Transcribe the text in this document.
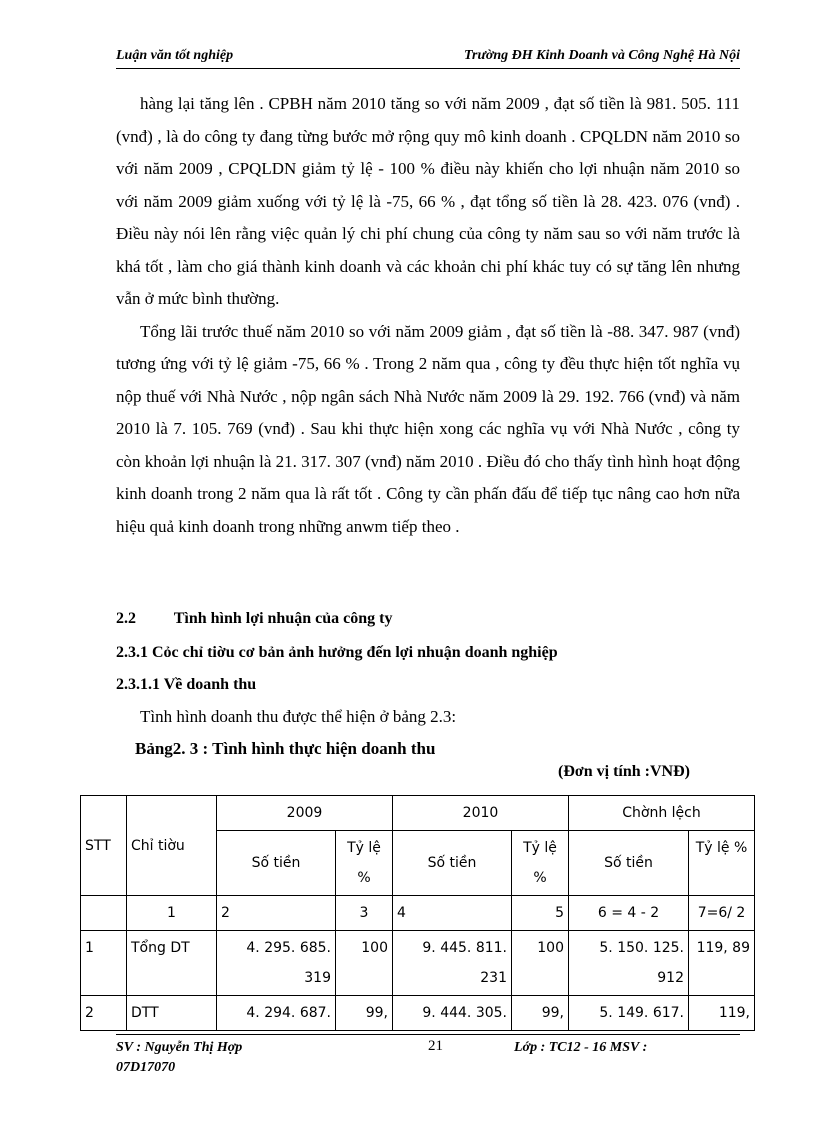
Luận văn tốt nghiệp	Trường ĐH Kinh Doanh và Công Nghệ Hà Nội

hàng lại tăng lên . CPBH năm 2010 tăng so với năm 2009 , đạt số tiền là 981. 505. 111 (vnđ) , là do công ty đang từng bước mở rộng quy mô kinh doanh . CPQLDN năm 2010 so với năm 2009 , CPQLDN giảm tỷ lệ - 100 % điều này khiến cho lợi nhuận năm 2010 so với năm 2009 giảm xuống với tỷ lệ là -75, 66 % , đạt tổng số tiền là 28. 423. 076 (vnđ) . Điều này nói lên rằng việc quản lý chi phí chung của công ty năm sau so với năm trước là khá tốt , làm cho giá thành kinh doanh và các khoản chi phí khác tuy có sự tăng lên nhưng vẫn ở mức bình thường.

Tổng lãi trước thuế năm 2010 so với năm 2009 giảm , đạt số tiền là -88. 347. 987 (vnđ) tương ứng với tỷ lệ giảm -75, 66 % . Trong 2 năm qua , công ty đều thực hiện tốt nghĩa vụ nộp thuế với Nhà Nước , nộp ngân sách Nhà Nước năm 2009 là 29. 192. 766 (vnđ) và năm 2010 là 7. 105. 769 (vnđ) . Sau khi thực hiện xong các nghĩa vụ với Nhà Nước , công ty còn khoản lợi nhuận là 21. 317. 307 (vnđ) năm 2010 . Điều đó cho thấy tình hình hoạt động kinh doanh trong 2 năm qua là rất tốt . Công ty cần phấn đấu để tiếp tục nâng cao hơn nữa hiệu quả kinh doanh trong những anwm tiếp theo .

2.2 Tình hình lợi nhuận của công ty
2.3.1 Cỏc chỉ tiờu cơ bản ảnh hưởng đến lợi nhuận doanh nghiệp
2.3.1.1 Về doanh thu
Tình hình doanh thu được thể hiện ở bảng 2.3:
Bảng2. 3 : Tình hình thực hiện doanh thu
(Đơn vị tính :VNĐ)
STT	Chỉ tiờu	2009		2010		Chờnh lệch	
		Số tiền	Tỷ lệ %	Số tiền	Tỷ lệ %	Số tiền	Tỷ lệ %
	1	2	3	4	5	6 = 4 - 2	7=6/ 2
1	Tổng DT	4. 295. 685. 319	100	9. 445. 811. 231	100	5. 150. 125. 912	119, 89
2	DTT	4. 294. 687.	99,	9. 444. 305.	99,	5. 149. 617.	119,
SV : Nguyễn Thị Hợp
07D17070
21	Lớp : TC12 - 16 MSV :
